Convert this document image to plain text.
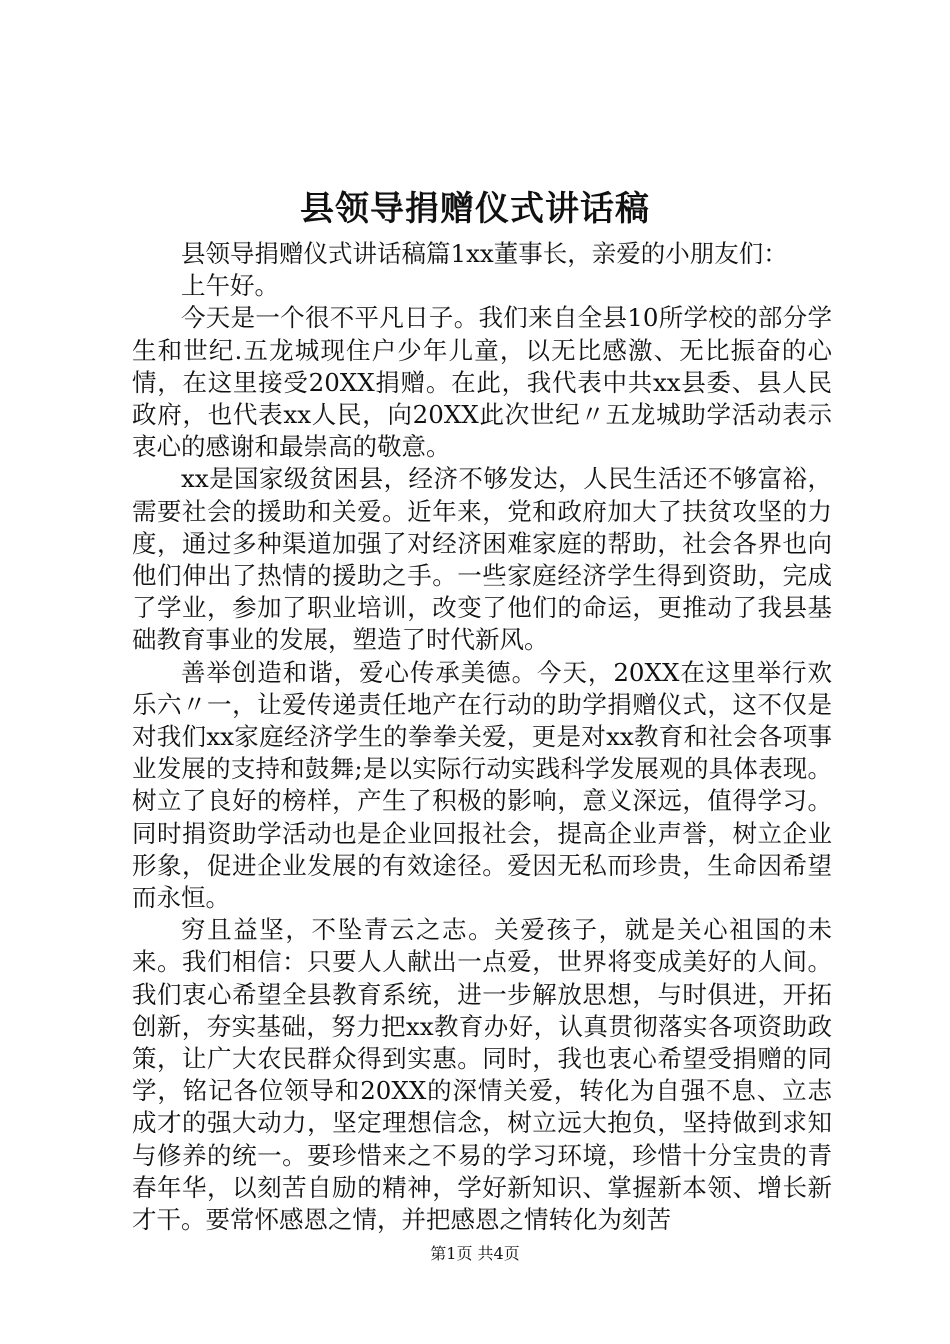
县领导捐赠仪式讲话稿

县领导捐赠仪式讲话稿篇1xx董事长，亲爱的小朋友们：

上午好。

今天是一个很不平凡日子。我们来自全县10所学校的部分学生和世纪.五龙城现住户少年儿童，以无比感激、无比振奋的心情，在这里接受20XX捐赠。在此，我代表中共xx县委、县人民政府，也代表xx人民，向20XX此次世纪〃五龙城助学活动表示衷心的感谢和最崇高的敬意。

xx是国家级贫困县，经济不够发达，人民生活还不够富裕，需要社会的援助和关爱。近年来，党和政府加大了扶贫攻坚的力度，通过多种渠道加强了对经济困难家庭的帮助，社会各界也向他们伸出了热情的援助之手。一些家庭经济学生得到资助，完成了学业，参加了职业培训，改变了他们的命运，更推动了我县基础教育事业的发展，塑造了时代新风。

善举创造和谐，爱心传承美德。今天，20XX在这里举行欢乐六〃一，让爱传递责任地产在行动的助学捐赠仪式，这不仅是对我们xx家庭经济学生的拳拳关爱，更是对xx教育和社会各项事业发展的支持和鼓舞;是以实际行动实践科学发展观的具体表现。树立了良好的榜样，产生了积极的影响，意义深远，值得学习。同时捐资助学活动也是企业回报社会，提高企业声誉，树立企业形象，促进企业发展的有效途径。爱因无私而珍贵，生命因希望而永恒。

穷且益坚，不坠青云之志。关爱孩子，就是关心祖国的未来。我们相信：只要人人献出一点爱，世界将变成美好的人间。我们衷心希望全县教育系统，进一步解放思想，与时俱进，开拓创新，夯实基础，努力把xx教育办好，认真贯彻落实各项资助政策，让广大农民群众得到实惠。同时，我也衷心希望受捐赠的同学，铭记各位领导和20XX的深情关爱，转化为自强不息、立志成才的强大动力，坚定理想信念，树立远大抱负，坚持做到求知与修养的统一。要珍惜来之不易的学习环境，珍惜十分宝贵的青春年华，以刻苦自励的精神，学好新知识、掌握新本领、增长新才干。要常怀感恩之情，并把感恩之情转化为刻苦

第1页 共4页
